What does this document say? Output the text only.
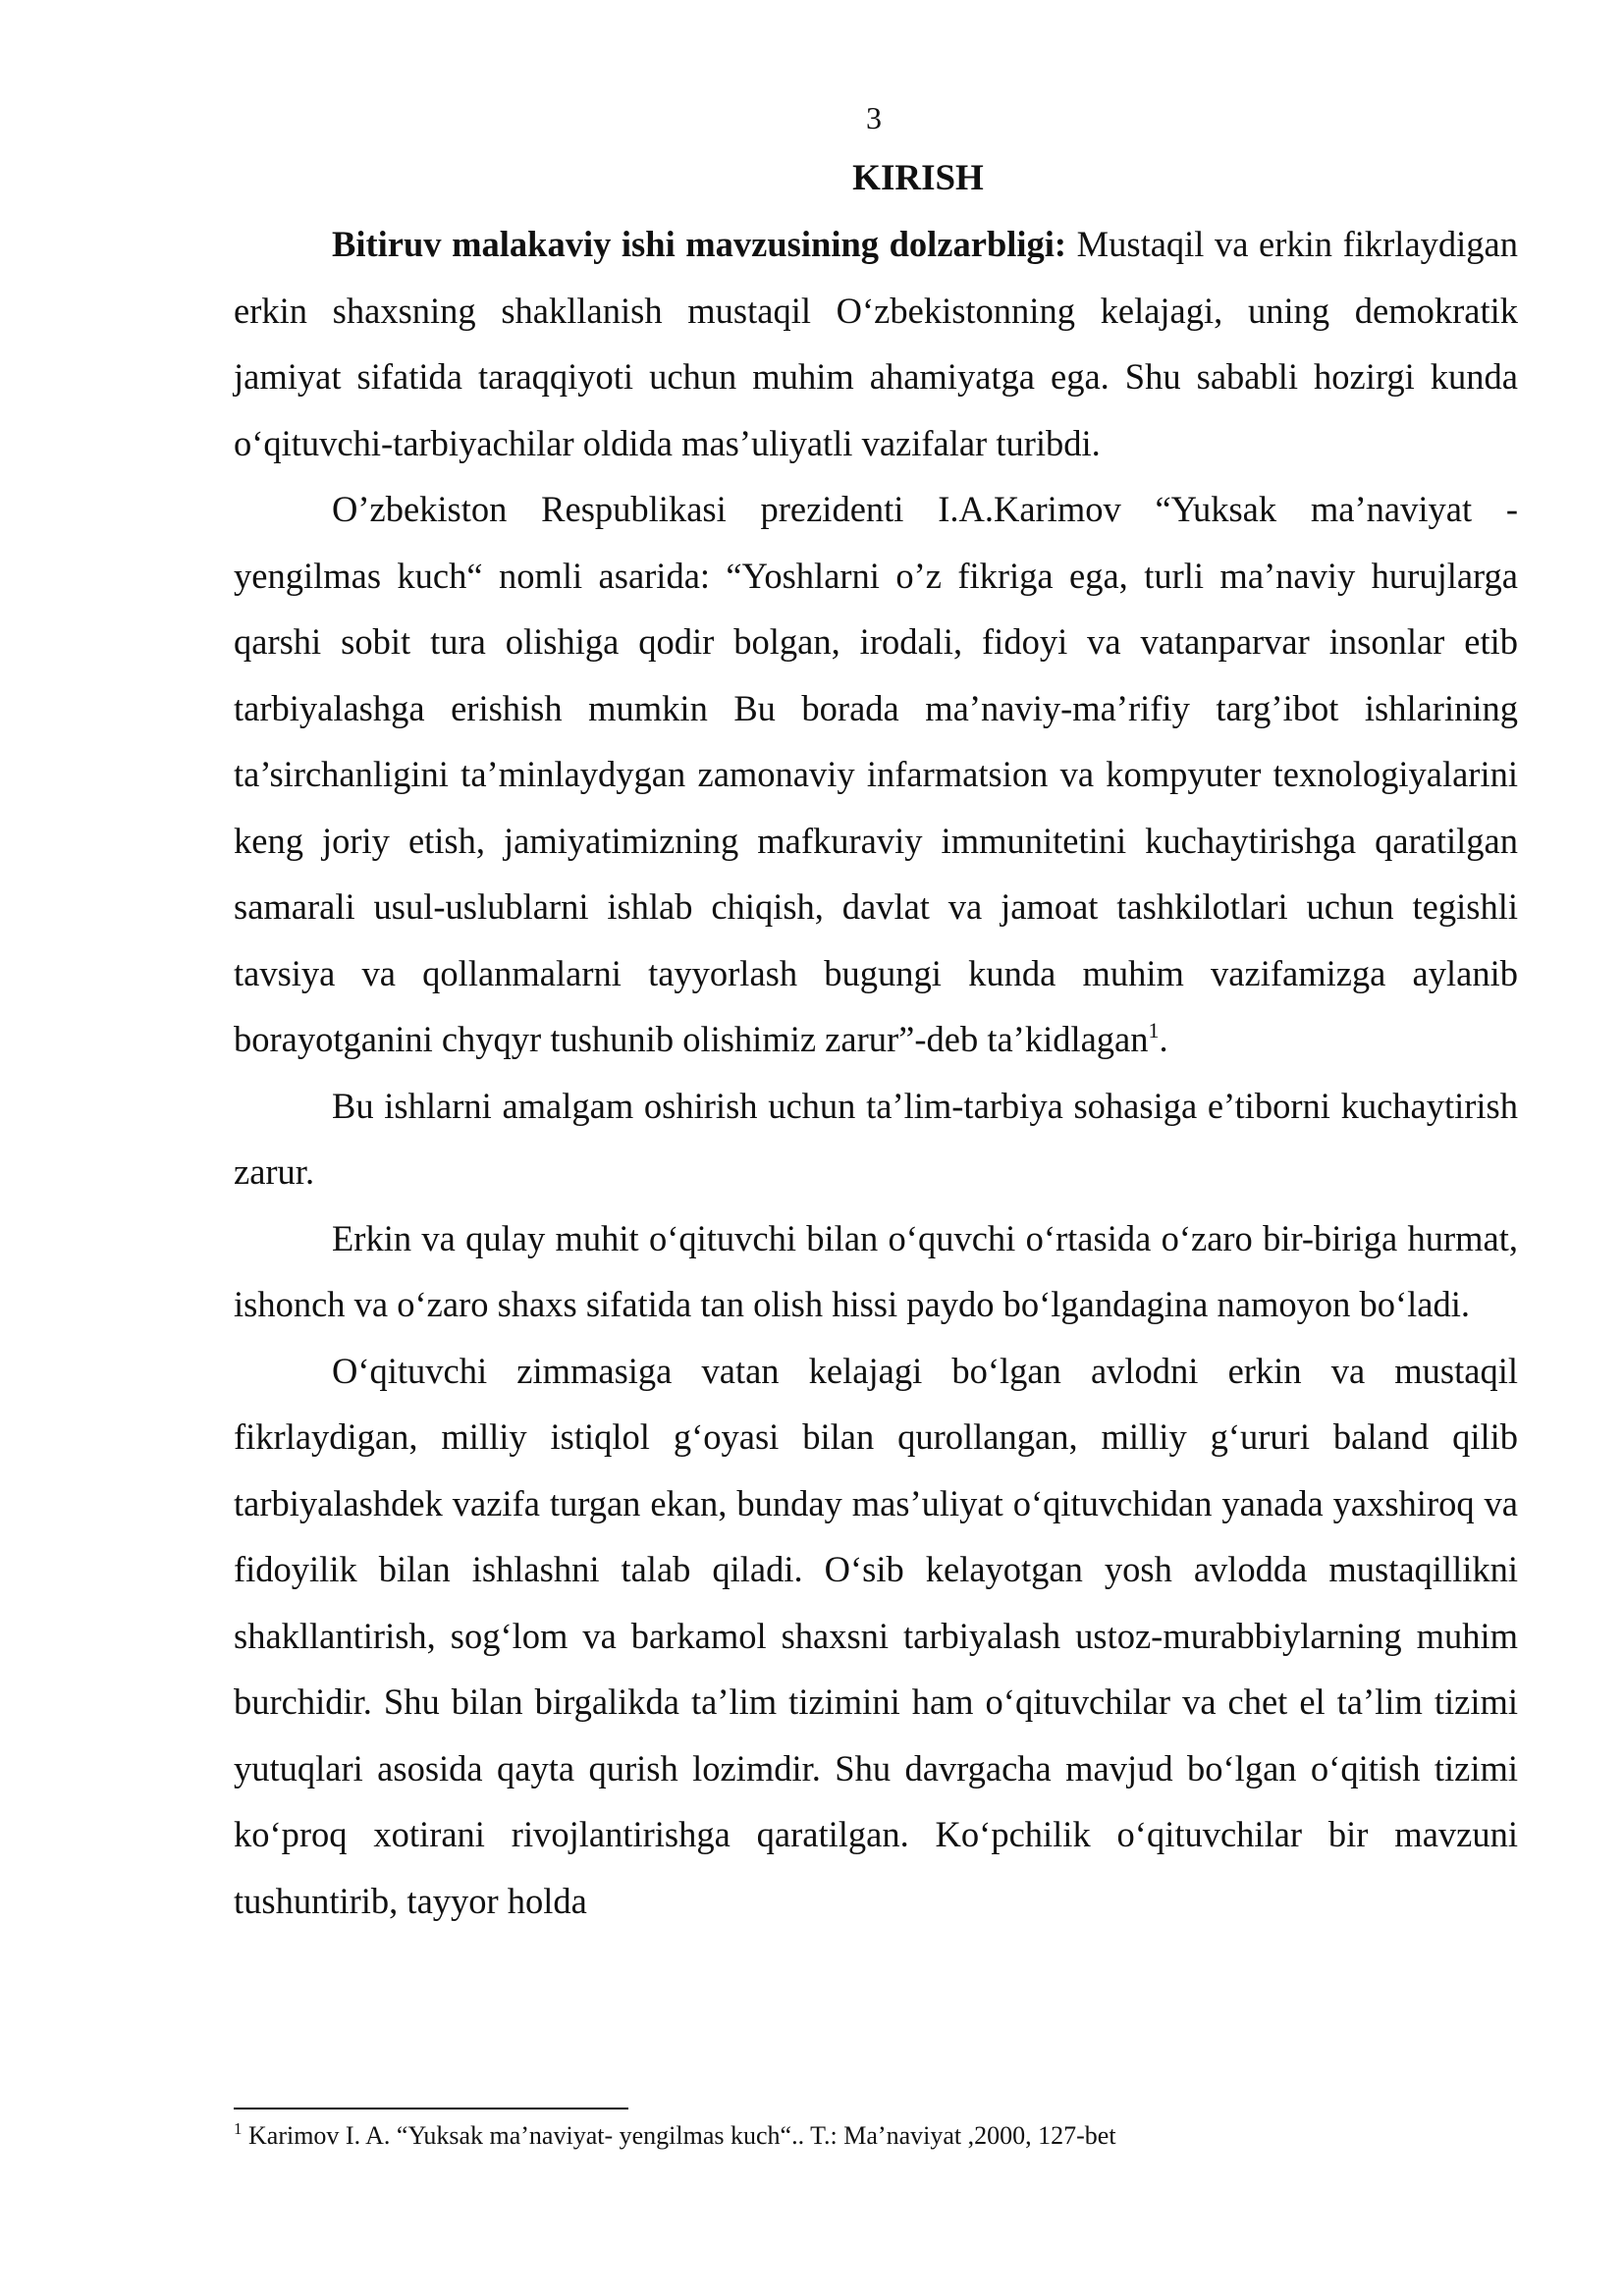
3
KIRISH

Bitiruv malakaviy ishi mavzusining dolzarbligi: Mustaqil va erkin fikrlaydigan erkin shaxsning shakllanish mustaqil O‘zbekistonning kelajagi, uning demokratik jamiyat sifatida taraqqiyoti uchun muhim ahamiyatga ega. Shu sababli hozirgi kunda o‘qituvchi-tarbiyachilar oldida mas’uliyatli vazifalar turibdi.

O’zbekiston Respublikasi prezidenti I.A.Karimov “Yuksak ma’naviyat - yengilmas kuch“ nomli asarida: “Yoshlarni o’z fikriga ega, turli ma’naviy hurujlarga qarshi sobit tura olishiga qodir bolgan, irodali, fidoyi va vatanparvar insonlar etib tarbiyalashga erishish mumkin Bu borada ma’naviy-ma’rifiy targ’ibot ishlarining ta’sirchanligini ta’minlaydygan zamonaviy infarmatsion va kompyuter texnologiyalarini keng joriy etish, jamiyatimizning mafkuraviy immunitetini kuchaytirishga qaratilgan samarali usul-uslublarni ishlab chiqish, davlat va jamoat tashkilotlari uchun tegishli tavsiya va qollanmalarni tayyorlash bugungi kunda muhim vazifamizga aylanib borayotganini chyqyr tushunib olishimiz zarur”-deb ta’kidlagan$^1$.

Bu ishlarni amalgam oshirish uchun ta’lim-tarbiya sohasiga e’tiborni kuchaytirish zarur.

Erkin va qulay muhit o‘qituvchi bilan o‘quvchi o‘rtasida o‘zaro bir-biriga hurmat, ishonch va o‘zaro shaxs sifatida tan olish hissi paydo bo‘lgandagina namoyon bo‘ladi.

O‘qituvchi zimmasiga vatan kelajagi bo‘lgan avlodni erkin va mustaqil fikrlaydigan, milliy istiqlol g‘oyasi bilan qurollangan, milliy g‘ururi baland qilib tarbiyalashdek vazifa turgan ekan, bunday mas’uliyat o‘qituvchidan yanada yaxshiroq va fidoyilik bilan ishlashni talab qiladi. O‘sib kelayotgan yosh avlodda mustaqillikni shakllantirish, sog‘lom va barkamol shaxsni tarbiyalash ustoz-murabbiylarning muhim burchidir. Shu bilan birgalikda ta’lim tizimini ham o‘qituvchilar va chet el ta’lim tizimi yutuqlari asosida qayta qurish lozimdir. Shu davrgacha mavjud bo‘lgan o‘qitish tizimi ko‘proq xotirani rivojlantirishga qaratilgan. Ko‘pchilik o‘qituvchilar bir mavzuni tushuntirib, tayyor holda

$^1$ Karimov I. A. “Yuksak ma’naviyat- yengilmas kuch“.. T.: Ma’naviyat ,2000, 127-bet
